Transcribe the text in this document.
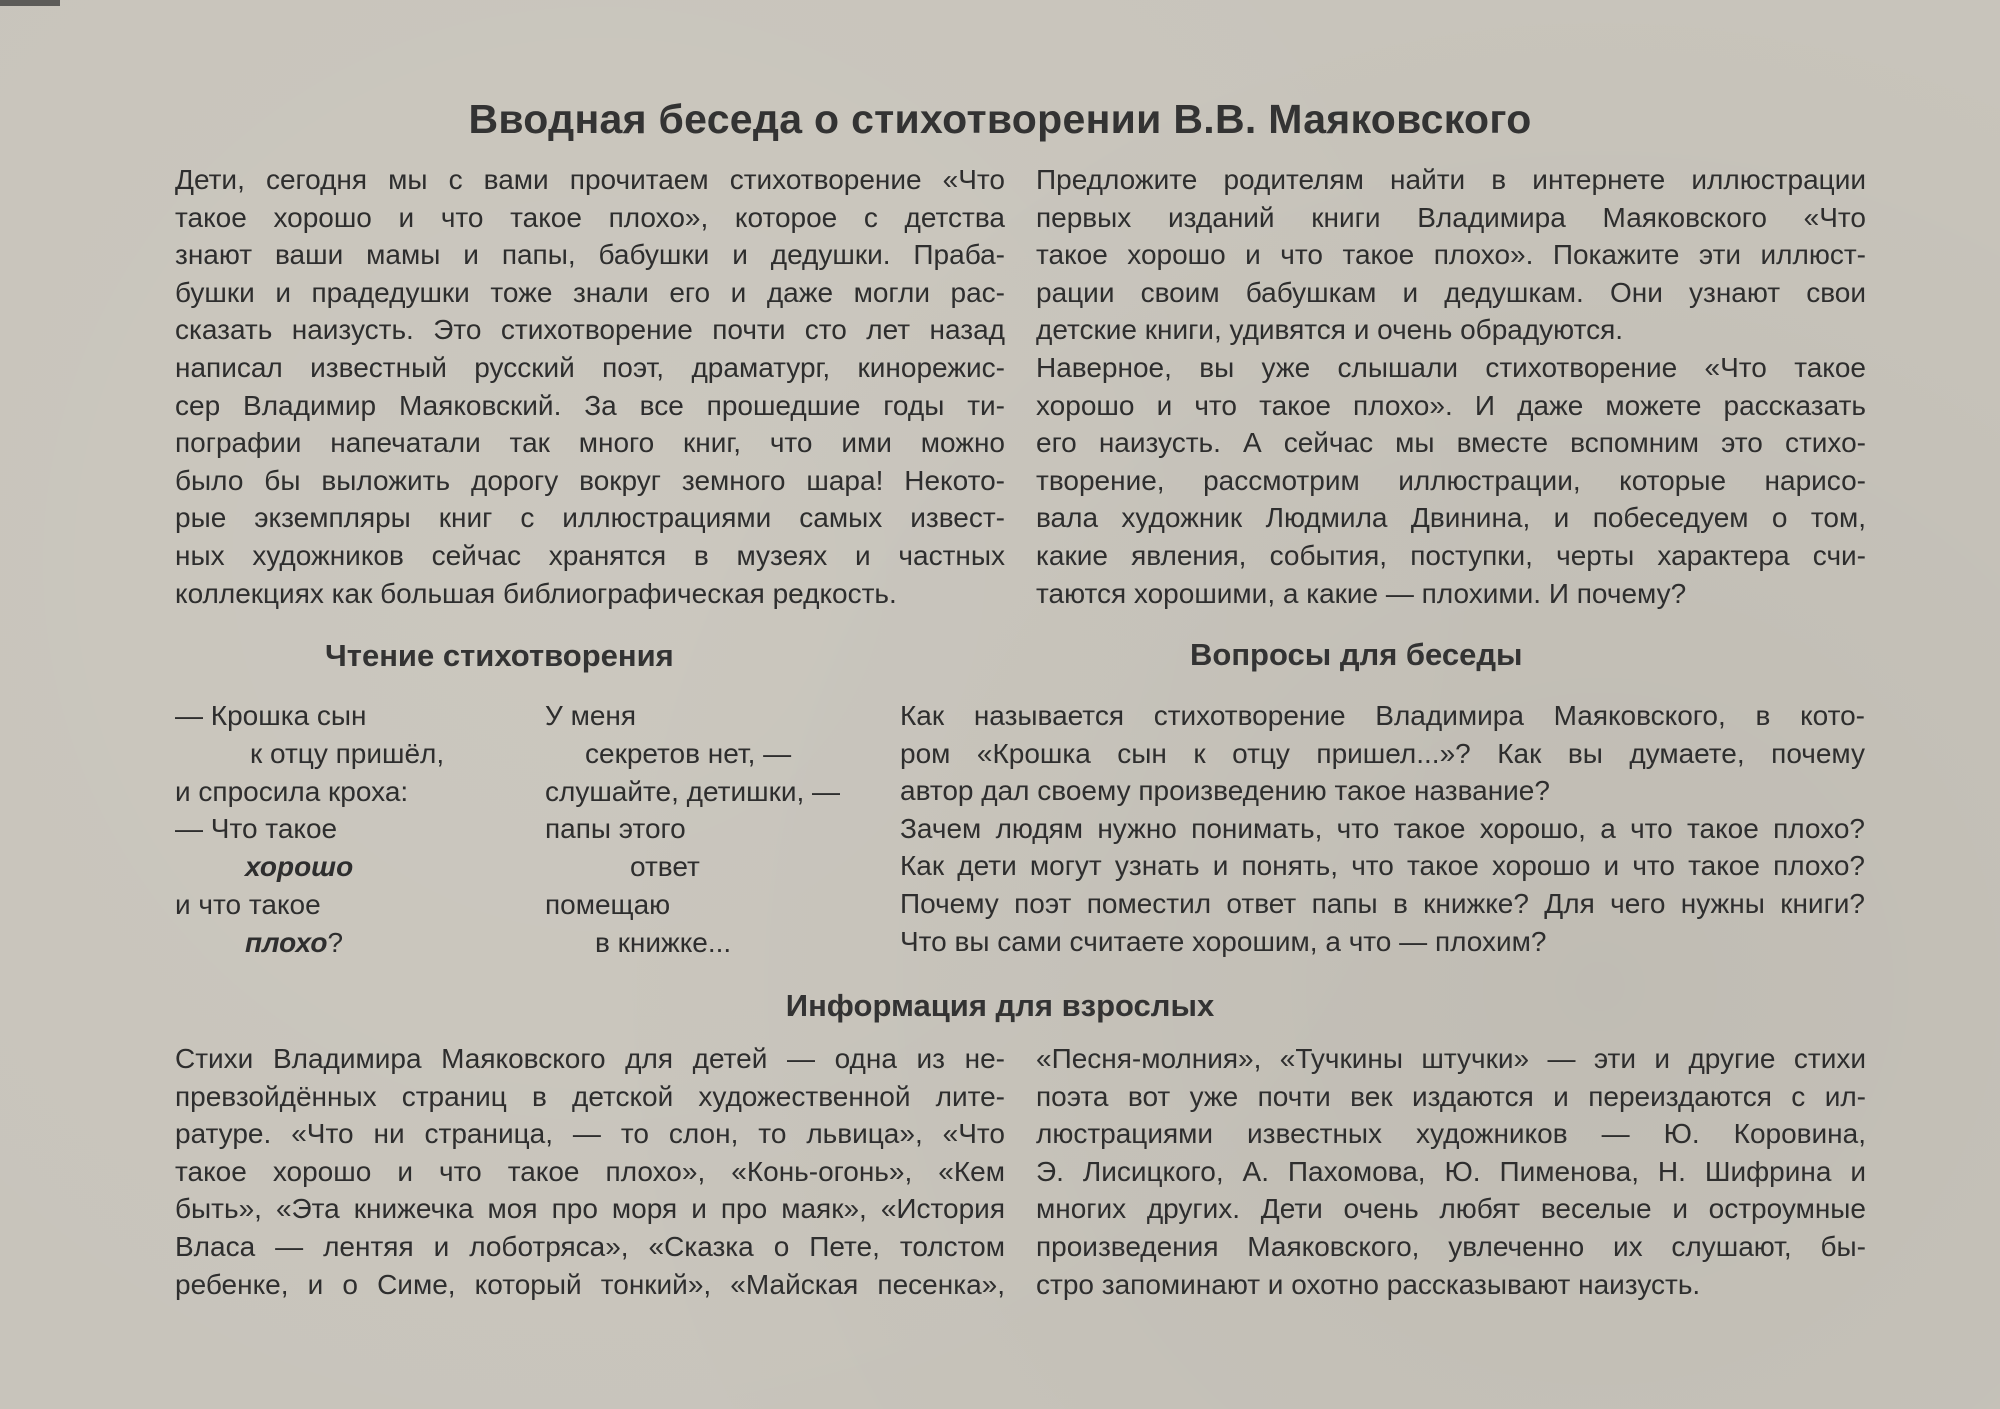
Вводная беседа о стихотворении В.В. Маяковского
Дети, сегодня мы с вами прочитаем стихотворение «Что
такое хорошо и что такое плохо», которое с детства
знают ваши мамы и папы, бабушки и дедушки. Праба-
бушки и прадедушки тоже знали его и даже могли рас-
сказать наизусть. Это стихотворение почти сто лет назад
написал известный русский поэт, драматург, кинорежис-
сер Владимир Маяковский. За все прошедшие годы ти-
пографии напечатали так много книг, что ими можно
было бы выложить дорогу вокруг земного шара! Некото-
рые экземпляры книг с иллюстрациями самых извест-
ных художников сейчас хранятся в музеях и частных
коллекциях как большая библиографическая редкость.
Предложите родителям найти в интернете иллюстрации
первых изданий книги Владимира Маяковского «Что
такое хорошо и что такое плохо». Покажите эти иллюст-
рации своим бабушкам и дедушкам. Они узнают свои
детские книги, удивятся и очень обрадуются.
Наверное, вы уже слышали стихотворение «Что такое
хорошо и что такое плохо». И даже можете рассказать
его наизусть. А сейчас мы вместе вспомним это стихо-
творение, рассмотрим иллюстрации, которые нарисо-
вала художник Людмила Двинина, и побеседуем о том,
какие явления, события, поступки, черты характера счи-
таются хорошими, а какие — плохими. И почему?
Чтение стихотворения	Вопросы для беседы
— Крошка сын
к отцу пришёл,
и спросила кроха:
— Что такое
хорошо
и что такое
плохо?
У меня
секретов нет, —
слушайте, детишки, —
папы этого
ответ
помещаю
в книжке...
Как называется стихотворение Владимира Маяковского, в кото-
ром «Крошка сын к отцу пришел...»? Как вы думаете, почему
автор дал своему произведению такое название?
Зачем людям нужно понимать, что такое хорошо, а что такое плохо?
Как дети могут узнать и понять, что такое хорошо и что такое плохо?
Почему поэт поместил ответ папы в книжке? Для чего нужны книги?
Что вы сами считаете хорошим, а что — плохим?
Информация для взрослых
Стихи Владимира Маяковского для детей — одна из не-
превзойдённых страниц в детской художественной лите-
ратуре. «Что ни страница, — то слон, то львица», «Что
такое хорошо и что такое плохо», «Конь-огонь», «Кем
быть», «Эта книжечка моя про моря и про маяк», «История
Власа — лентяя и лоботряса», «Сказка о Пете, толстом
ребенке, и о Симе, который тонкий», «Майская песенка»,
«Песня-молния», «Тучкины штучки» — эти и другие стихи
поэта вот уже почти век издаются и переиздаются с ил-
люстрациями известных художников — Ю. Коровина,
Э. Лисицкого, А. Пахомова, Ю. Пименова, Н. Шифрина и
многих других. Дети очень любят веселые и остроумные
произведения Маяковского, увлеченно их слушают, бы-
стро запоминают и охотно рассказывают наизусть.
